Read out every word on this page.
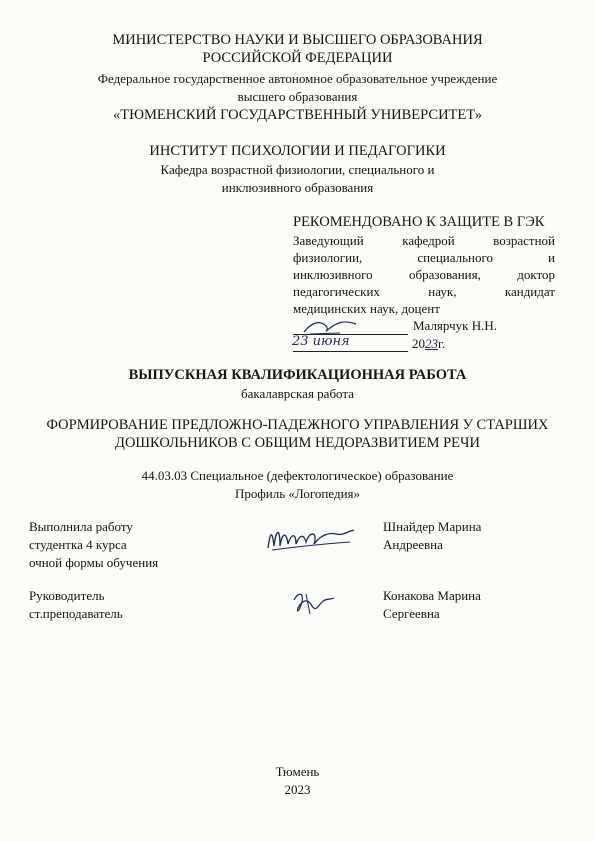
МИНИСТЕРСТВО НАУКИ И ВЫСШЕГО ОБРАЗОВАНИЯ
РОССИЙСКОЙ ФЕДЕРАЦИИ
Федеральное государственное автономное образовательное учреждение
высшего образования
«ТЮМЕНСКИЙ ГОСУДАРСТВЕННЫЙ УНИВЕРСИТЕТ»
ИНСТИТУТ ПСИХОЛОГИИ И ПЕДАГОГИКИ
Кафедра возрастной физиологии, специального и
инклюзивного образования
РЕКОМЕНДОВАНО К ЗАЩИТЕ В ГЭК
Заведующий кафедрой возрастной
физиологии, специального и
инклюзивного образования, доктор
педагогических наук, кандидат
медицинских наук, доцент
Малярчук Н.Н.
23 июня	2023г.
ВЫПУСКНАЯ КВАЛИФИКАЦИОННАЯ РАБОТА
бакалаврская работа
ФОРМИРОВАНИЕ ПРЕДЛОЖНО-ПАДЕЖНОГО УПРАВЛЕНИЯ У СТАРШИХ
ДОШКОЛЬНИКОВ С ОБЩИМ НЕДОРАЗВИТИЕМ РЕЧИ
44.03.03 Специальное (дефектологическое) образование
Профиль «Логопедия»
Выполнила работу
студентка 4 курса
очной формы обучения
Шнайдер Марина
Андреевна
Руководитель
ст.преподаватель
Конакова Марина
Сергеевна
Тюмень
2023
